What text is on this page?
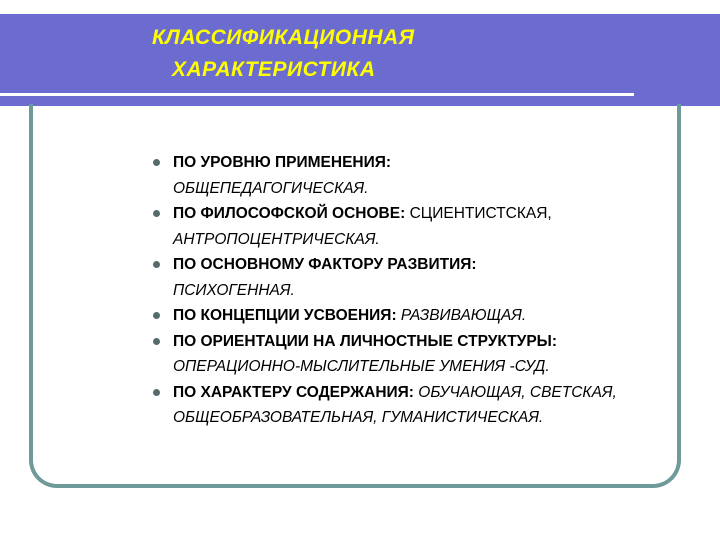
КЛАССИФИКАЦИОННАЯ
ХАРАКТЕРИСТИКА
ПО УРОВНЮ ПРИМЕНЕНИЯ:
ОБЩЕПЕДАГОГИЧЕСКАЯ.
ПО ФИЛОСОФСКОЙ ОСНОВЕ: СЦИЕНТИСТСКАЯ,
АНТРОПОЦЕНТРИЧЕСКАЯ.
ПО ОСНОВНОМУ ФАКТОРУ РАЗВИТИЯ:
ПСИХОГЕННАЯ.
ПО КОНЦЕПЦИИ УСВОЕНИЯ: РАЗВИВАЮЩАЯ.
ПО ОРИЕНТАЦИИ НА ЛИЧНОСТНЫЕ СТРУКТУРЫ:
ОПЕРАЦИОННО-МЫСЛИТЕЛЬНЫЕ УМЕНИЯ -СУД.
ПО ХАРАКТЕРУ СОДЕРЖАНИЯ: ОБУЧАЮЩАЯ, СВЕТСКАЯ, ОБЩЕОБРАЗОВАТЕЛЬНАЯ, ГУМАНИСТИЧЕСКАЯ.
